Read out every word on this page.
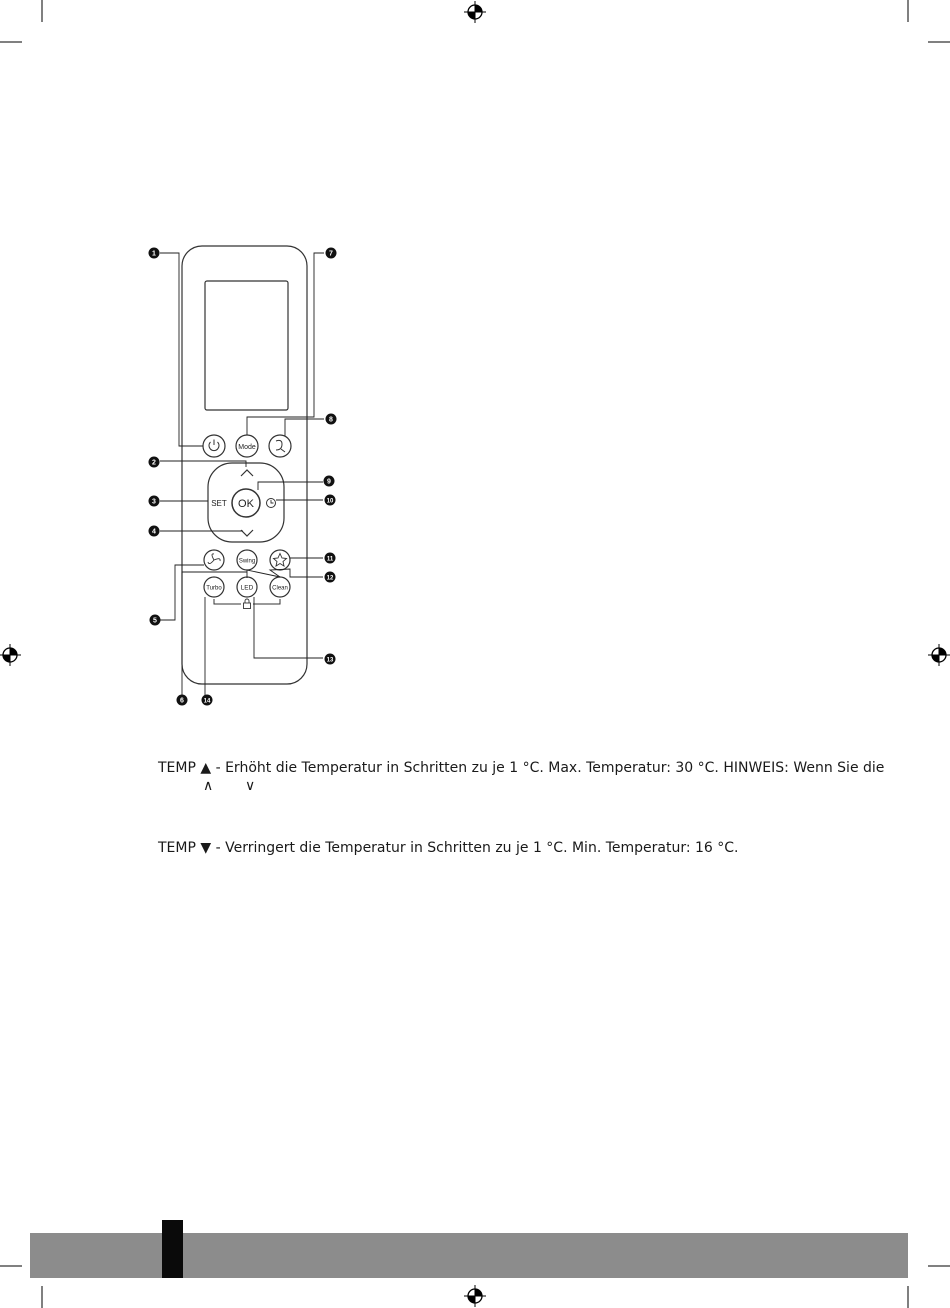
Mode
SET OK
Swing
Turbo	LED	Clean
1
2
3
4
5
6
7
8
9
10
11
12
13
14
TEMP ▲ - Erhöht die Temperatur in Schritten zu je 1 °C. Max. Temperatur: 30 °C. HINWEIS: Wenn Sie die
∧ ∨
TEMP ▼ - Verringert die Temperatur in Schritten zu je 1 °C. Min. Temperatur: 16 °C.
